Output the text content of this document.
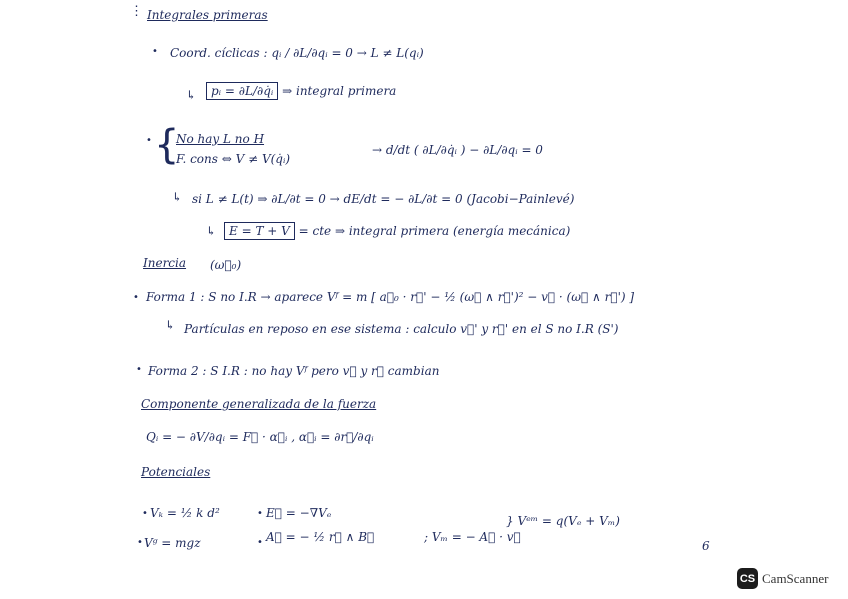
⋮ Integrales primeras
• Coord. cíclicas : qᵢ / ∂L/∂qᵢ = 0 → L ≠ L(qᵢ)
↳	pᵢ = ∂L/∂q̇ᵢ ⇒ integral primera
• {
No hay L no H
F. cons ⇔ V ≠ V(q̇ᵢ)
→ d/dt ( ∂L/∂q̇ᵢ ) − ∂L/∂qᵢ = 0
↳ si L ≠ L(t) ⇒ ∂L/∂t = 0 → dE/dt = − ∂L/∂t = 0 (Jacobi−Painlevé)
↳	E = T + V = cte ⇒ integral primera (energía mecánica)
Inercia (ω⃗₀)
• Forma 1 : S no I.R → aparece Vᶠ = m [ a⃗₀ · r⃗' − ½ (ω⃗ ∧ r⃗')² − v⃗ · (ω⃗ ∧ r⃗') ]
↳ Partículas en reposo en ese sistema : calculo v⃗' y r⃗' en el S no I.R (S')
• Forma 2 : S I.R : no hay Vᶠ pero v⃗ y r⃗ cambian
Componente generalizada de la fuerza
Qᵢ = − ∂V/∂qᵢ = F⃗ · α⃗ᵢ , α⃗ᵢ = ∂r⃗/∂qᵢ
Potenciales
• Vₖ = ½ k d²	• E⃗ = −∇Vₑ
• Vᵍ = mgz	• A⃗ = − ½ r⃗ ∧ B⃗	; Vₘ = − A⃗ · v⃗
} Vᵉᵐ = q(Vₑ + Vₘ)
6
CS CamScanner
